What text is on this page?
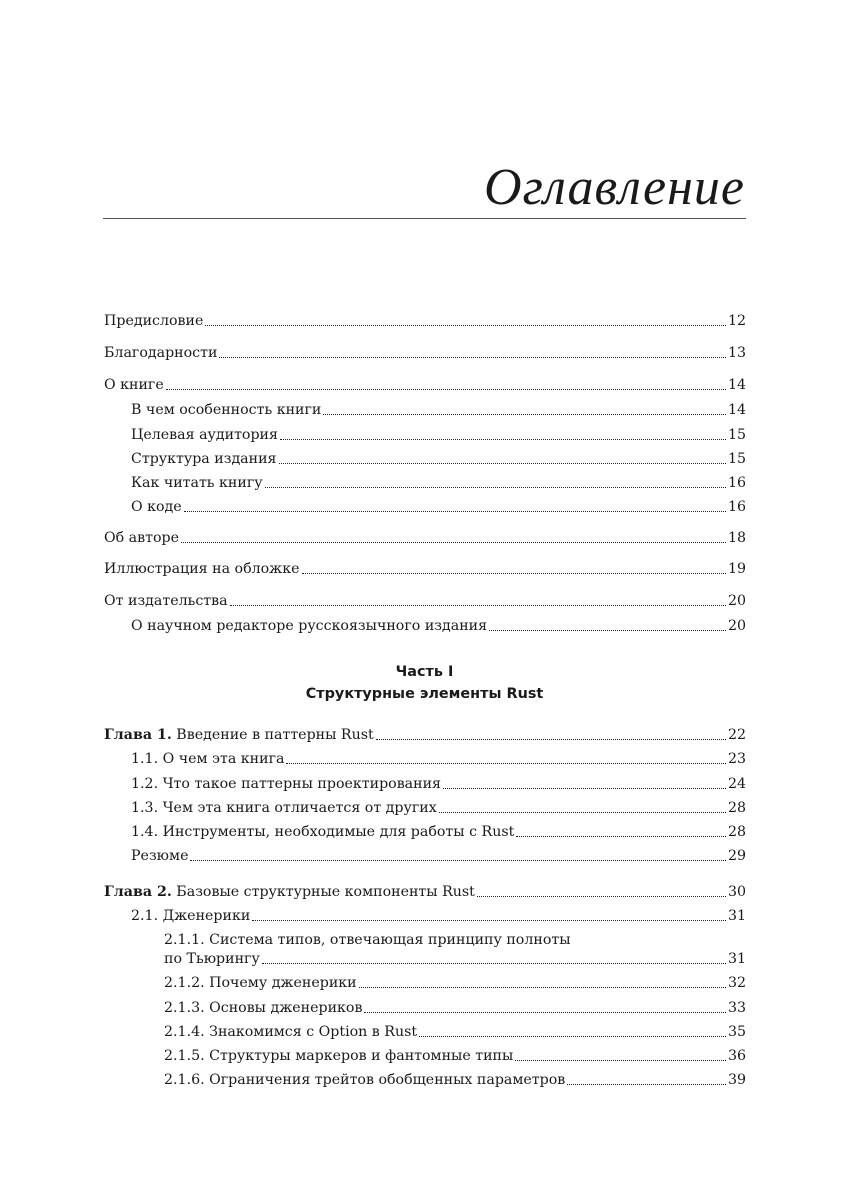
Оглавление
Предисловие	12
Благодарности	13
О книге	14
В чем особенность книги	14
Целевая аудитория	15
Структура издания	15
Как читать книгу	16
О коде	16
Об авторе	18
Иллюстрация на обложке	19
От издательства	20
О научном редакторе русскоязычного издания	20
Часть I
Структурные элементы Rust
Глава 1. Введение в паттерны Rust	22
1.1. О чем эта книга	23
1.2. Что такое паттерны проектирования	24
1.3. Чем эта книга отличается от других	28
1.4. Инструменты, необходимые для работы с Rust	28
Резюме	29
Глава 2. Базовые структурные компоненты Rust	30
2.1. Дженерики	31
2.1.1. Система типов, отвечающая принципу полноты
по Тьюрингу	31
2.1.2. Почему дженерики	32
2.1.3. Основы дженериков	33
2.1.4. Знакомимся с Option в Rust	35
2.1.5. Структуры маркеров и фантомные типы	36
2.1.6. Ограничения трейтов обобщенных параметров	39
